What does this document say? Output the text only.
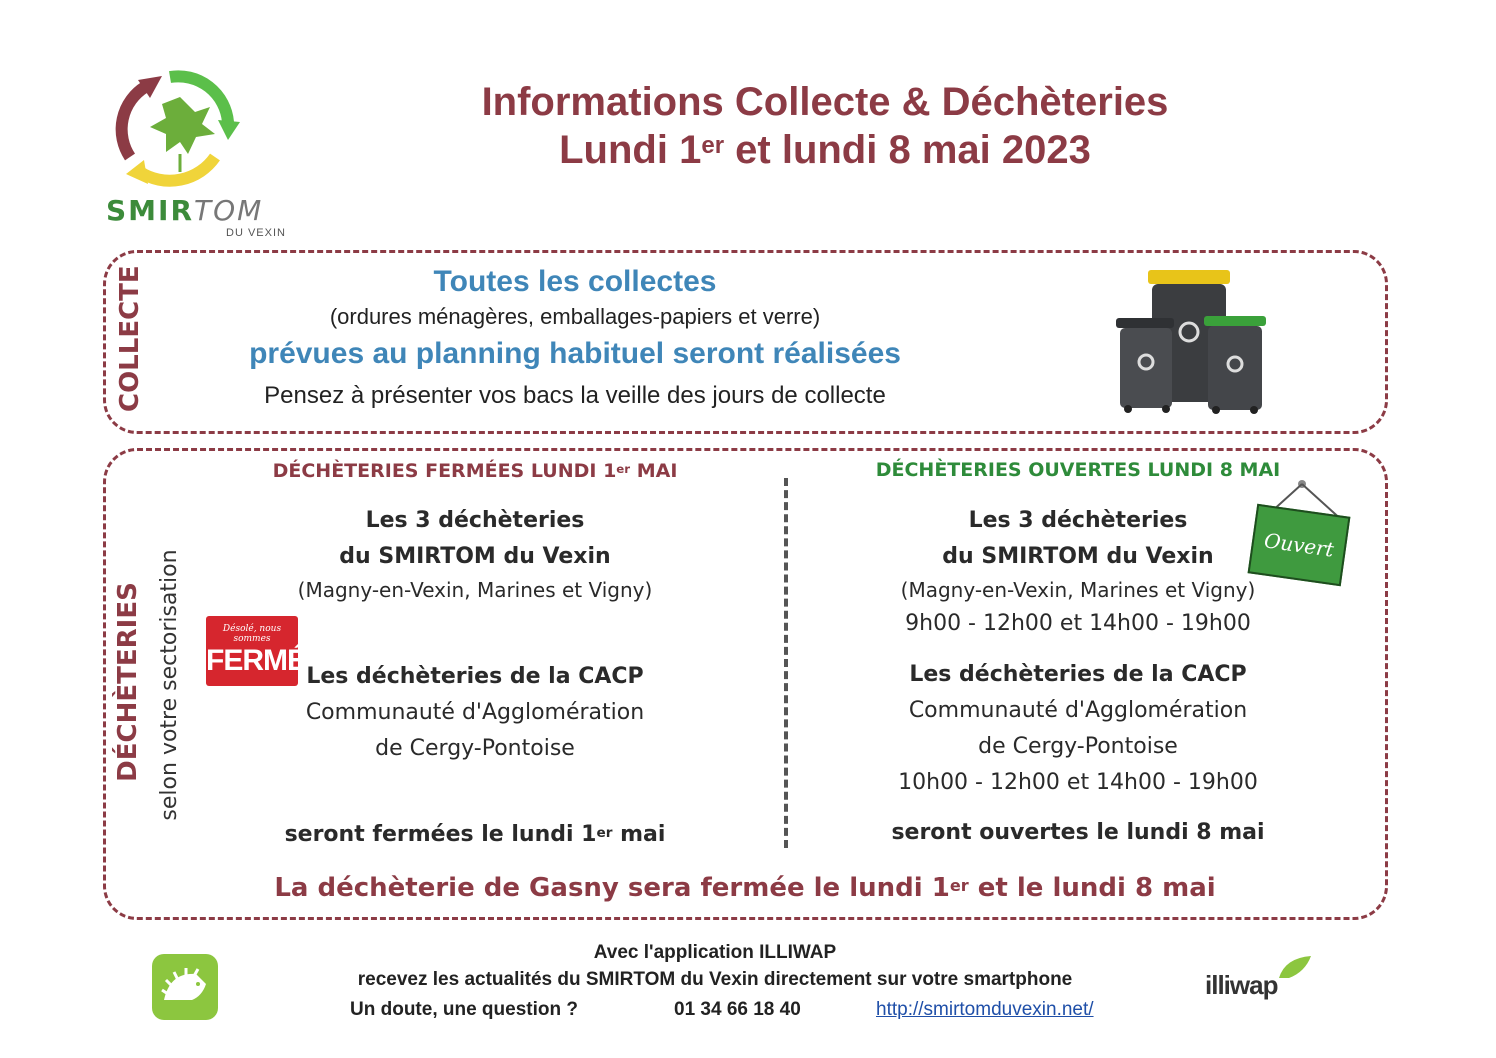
SMIRTOM
DU VEXIN
Informations Collecte & Déchèteries
Lundi 1er et lundi 8 mai 2023
COLLECTE	Toutes les collectes
(ordures ménagères, emballages-papiers et verre)
prévues au planning habituel seront réalisées
Pensez à présenter vos bacs la veille des jours de collecte
DÉCHÈTERIES selon votre sectorisation
DÉCHÈTERIES FERMÉES LUNDI 1er MAI
Les 3 déchèteries
du SMIRTOM du Vexin
(Magny-en-Vexin, Marines et Vigny)
Les déchèteries de la CACP
Communauté d'Agglomération
de Cergy-Pontoise
seront fermées le lundi 1er mai
Désolé, nous sommes
FERMÉ
DÉCHÈTERIES OUVERTES LUNDI 8 MAI
Les 3 déchèteries
du SMIRTOM du Vexin
(Magny-en-Vexin, Marines et Vigny)
9h00 - 12h00 et 14h00 - 19h00
Les déchèteries de la CACP
Communauté d'Agglomération
de Cergy-Pontoise
10h00 - 12h00 et 14h00 - 19h00
seront ouvertes le lundi 8 mai
Ouvert
La déchèterie de Gasny sera fermée le lundi 1er et le lundi 8 mai
Avec l'application ILLIWAP
recevez les actualités du SMIRTOM du Vexin directement sur votre smartphone
Un doute, une question ?	01 34 66 18 40	http://smirtomduvexin.net/
illiwap
